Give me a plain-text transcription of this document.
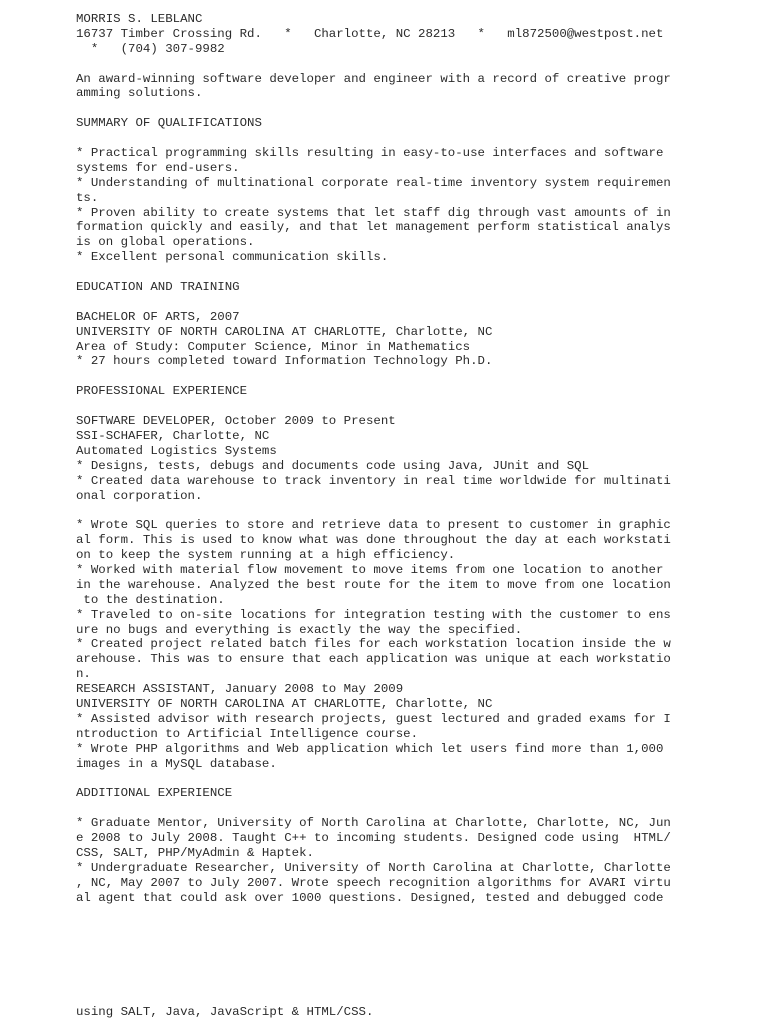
MORRIS S. LEBLANC
16737 Timber Crossing Rd.   *   Charlotte, NC 28213   *   ml872500@westpost.net
*   (704) 307-9982
An award-winning software developer and engineer with a record of creative progr
amming solutions.
SUMMARY OF QUALIFICATIONS
* Practical programming skills resulting in easy-to-use interfaces and software
systems for end-users.
* Understanding of multinational corporate real-time inventory system requiremen
ts.
* Proven ability to create systems that let staff dig through vast amounts of in
formation quickly and easily, and that let management perform statistical analys
is on global operations.
* Excellent personal communication skills.
EDUCATION AND TRAINING
BACHELOR OF ARTS, 2007
UNIVERSITY OF NORTH CAROLINA AT CHARLOTTE, Charlotte, NC
Area of Study: Computer Science, Minor in Mathematics
* 27 hours completed toward Information Technology Ph.D.
PROFESSIONAL EXPERIENCE
SOFTWARE DEVELOPER, October 2009 to Present
SSI-SCHAFER, Charlotte, NC
Automated Logistics Systems
* Designs, tests, debugs and documents code using Java, JUnit and SQL
* Created data warehouse to track inventory in real time worldwide for multinati
onal corporation.
* Wrote SQL queries to store and retrieve data to present to customer in graphic
al form. This is used to know what was done throughout the day at each workstati
on to keep the system running at a high efficiency.
* Worked with material flow movement to move items from one location to another
in the warehouse. Analyzed the best route for the item to move from one location
to the destination.
* Traveled to on-site locations for integration testing with the customer to ens
ure no bugs and everything is exactly the way the specified.
* Created project related batch files for each workstation location inside the w
arehouse. This was to ensure that each application was unique at each workstatio
n.
RESEARCH ASSISTANT, January 2008 to May 2009
UNIVERSITY OF NORTH CAROLINA AT CHARLOTTE, Charlotte, NC
* Assisted advisor with research projects, guest lectured and graded exams for I
ntroduction to Artificial Intelligence course.
* Wrote PHP algorithms and Web application which let users find more than 1,000
images in a MySQL database.
ADDITIONAL EXPERIENCE
* Graduate Mentor, University of North Carolina at Charlotte, Charlotte, NC, Jun
e 2008 to July 2008. Taught C++ to incoming students. Designed code using  HTML/
CSS, SALT, PHP/MyAdmin & Haptek.
* Undergraduate Researcher, University of North Carolina at Charlotte, Charlotte
, NC, May 2007 to July 2007. Wrote speech recognition algorithms for AVARI virtu
al agent that could ask over 1000 questions. Designed, tested and debugged code
using SALT, Java, JavaScript & HTML/CSS.
